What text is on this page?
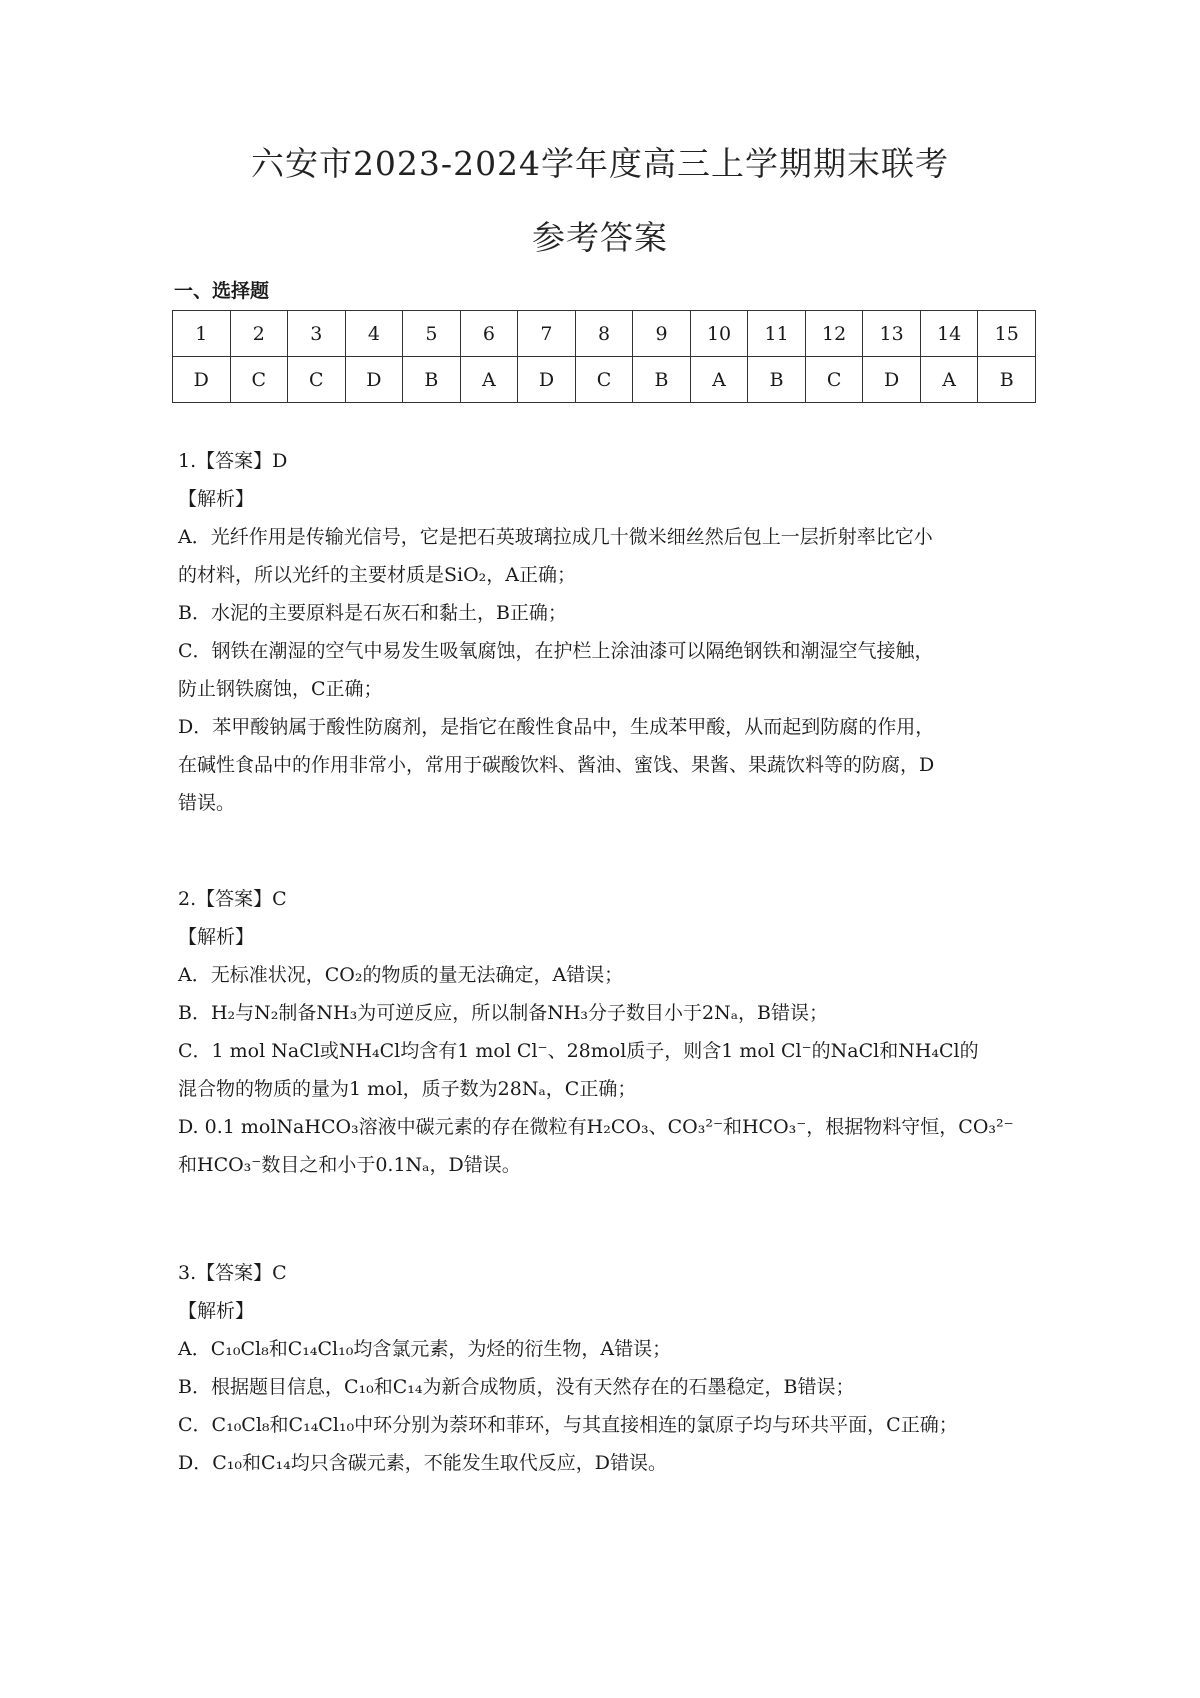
六安市2023-2024学年度高三上学期期末联考
参考答案
一、选择题
1	2	3	4	5	6	7	8	9	10	11	12	13	14	15
D	C	C	D	B	A	D	C	B	A	B	C	D	A	B
1.【答案】D
【解析】
A．光纤作用是传输光信号，它是把石英玻璃拉成几十微米细丝然后包上一层折射率比它小
的材料，所以光纤的主要材质是SiO₂，A正确；
B．水泥的主要原料是石灰石和黏土，B正确；
C．钢铁在潮湿的空气中易发生吸氧腐蚀，在护栏上涂油漆可以隔绝钢铁和潮湿空气接触，
防止钢铁腐蚀，C正确；
D．苯甲酸钠属于酸性防腐剂，是指它在酸性食品中，生成苯甲酸，从而起到防腐的作用，
在碱性食品中的作用非常小，常用于碳酸饮料、酱油、蜜饯、果酱、果蔬饮料等的防腐，D
错误。
2.【答案】C
【解析】
A．无标准状况，CO₂的物质的量无法确定，A错误；
B．H₂与N₂制备NH₃为可逆反应，所以制备NH₃分子数目小于2Nₐ，B错误；
C．1 mol NaCl或NH₄Cl均含有1 mol Cl⁻、28mol质子，则含1 mol Cl⁻的NaCl和NH₄Cl的
混合物的物质的量为1 mol，质子数为28Nₐ，C正确；
D. 0.1 molNaHCO₃溶液中碳元素的存在微粒有H₂CO₃、CO₃²⁻和HCO₃⁻，根据物料守恒，CO₃²⁻
和HCO₃⁻数目之和小于0.1Nₐ，D错误。
3.【答案】C
【解析】
A．C₁₀Cl₈和C₁₄Cl₁₀均含氯元素，为烃的衍生物，A错误；
B．根据题目信息，C₁₀和C₁₄为新合成物质，没有天然存在的石墨稳定，B错误；
C．C₁₀Cl₈和C₁₄Cl₁₀中环分别为萘环和菲环，与其直接相连的氯原子均与环共平面，C正确；
D．C₁₀和C₁₄均只含碳元素，不能发生取代反应，D错误。
